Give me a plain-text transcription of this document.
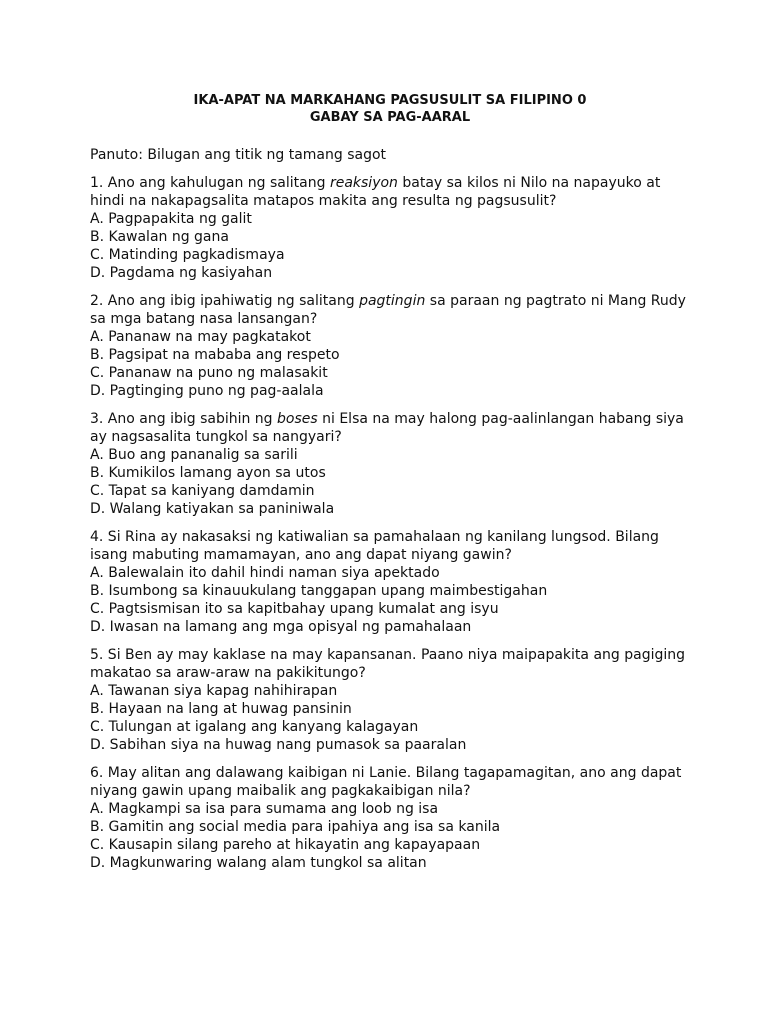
IKA-APAT NA MARKAHANG PAGSUSULIT SA FILIPINO 0

GABAY SA PAG-AARAL

Panuto: Bilugan ang titik ng tamang sagot

1. Ano ang kahulugan ng salitang reaksiyon batay sa kilos ni Nilo na napayuko at hindi na nakapagsalita matapos makita ang resulta ng pagsusulit?

A. Pagpapakita ng galit

B. Kawalan ng gana

C. Matinding pagkadismaya

D. Pagdama ng kasiyahan

2. Ano ang ibig ipahiwatig ng salitang pagtingin sa paraan ng pagtrato ni Mang Rudy sa mga batang nasa lansangan?

A. Pananaw na may pagkatakot

B. Pagsipat na mababa ang respeto

C. Pananaw na puno ng malasakit

D. Pagtinging puno ng pag-aalala

3. Ano ang ibig sabihin ng boses ni Elsa na may halong pag-aalinlangan habang siya ay nagsasalita tungkol sa nangyari?

A. Buo ang pananalig sa sarili

B. Kumikilos lamang ayon sa utos

C. Tapat sa kaniyang damdamin

D. Walang katiyakan sa paniniwala

4. Si Rina ay nakasaksi ng katiwalian sa pamahalaan ng kanilang lungsod. Bilang isang mabuting mamamayan, ano ang dapat niyang gawin?

A. Balewalain ito dahil hindi naman siya apektado

B. Isumbong sa kinauukulang tanggapan upang maimbestigahan

C. Pagtsismisan ito sa kapitbahay upang kumalat ang isyu

D. Iwasan na lamang ang mga opisyal ng pamahalaan

5. Si Ben ay may kaklase na may kapansanan. Paano niya maipapakita ang pagiging makatao sa araw-araw na pakikitungo?

A. Tawanan siya kapag nahihirapan

B. Hayaan na lang at huwag pansinin

C. Tulungan at igalang ang kanyang kalagayan

D. Sabihan siya na huwag nang pumasok sa paaralan

6. May alitan ang dalawang kaibigan ni Lanie. Bilang tagapamagitan, ano ang dapat niyang gawin upang maibalik ang pagkakaibigan nila?

A. Magkampi sa isa para sumama ang loob ng isa

B. Gamitin ang social media para ipahiya ang isa sa kanila

C. Kausapin silang pareho at hikayatin ang kapayapaan

D. Magkunwaring walang alam tungkol sa alitan
